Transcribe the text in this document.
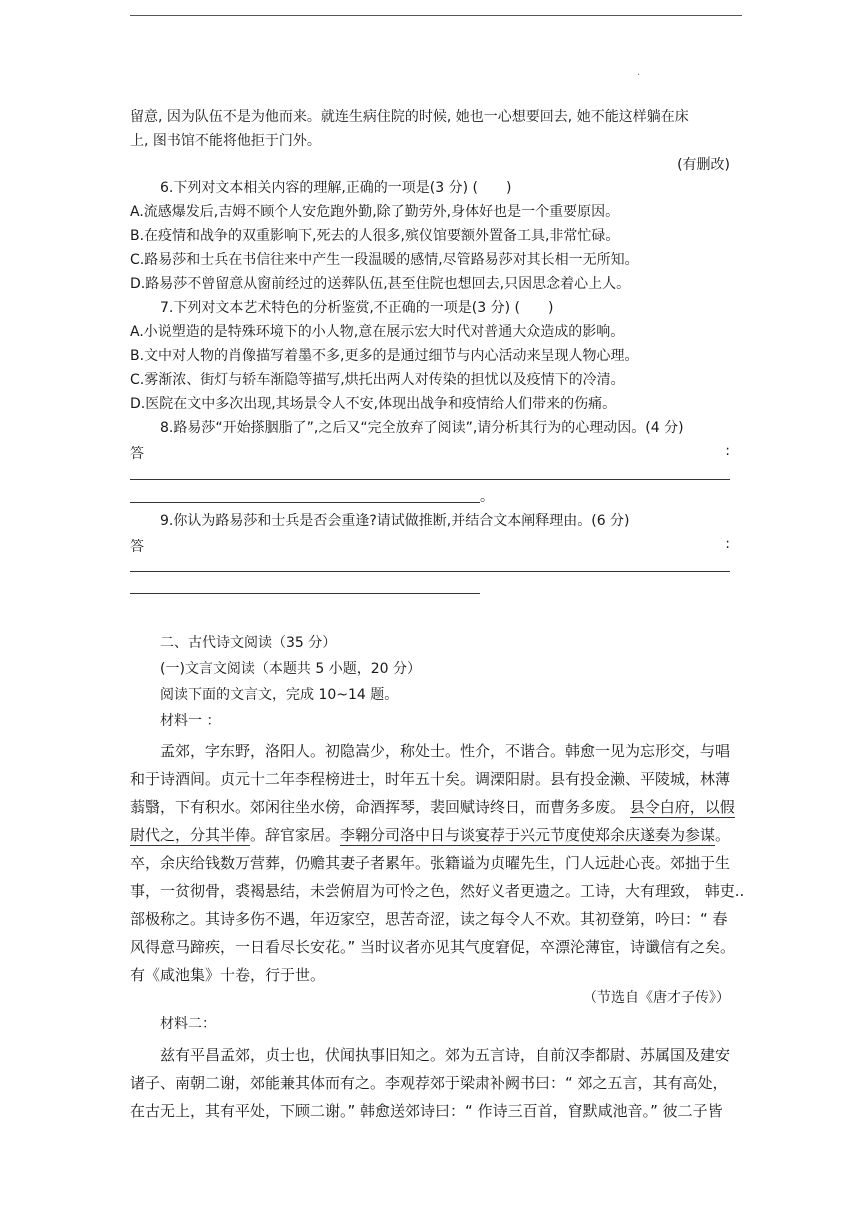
·

留意, 因为队伍不是为他而来。就连生病住院的时候, 她也一心想要回去, 她不能这样躺在床

上, 图书馆不能将他拒于门外。

(有删改)

6.下列对文本相关内容的理解,正确的一项是(3 分) (　　)

A.流感爆发后,吉姆不顾个人安危跑外勤,除了勤劳外,身体好也是一个重要原因。

B.在疫情和战争的双重影响下,死去的人很多,殡仪馆要额外置备工具,非常忙碌。

C.路易莎和士兵在书信往来中产生一段温暖的感情,尽管路易莎对其长相一无所知。

D.路易莎不曾留意从窗前经过的送葬队伍,甚至住院也想回去,只因思念着心上人。

7.下列对文本艺术特色的分析鉴赏,不正确的一项是(3 分) (　　)

A.小说塑造的是特殊环境下的小人物,意在展示宏大时代对普通大众造成的影响。

B.文中对人物的肖像描写着墨不多,更多的是通过细节与内心活动来呈现人物心理。

C.雾渐浓、街灯与轿车渐隐等描写,烘托出两人对传染的担忧以及疫情下的冷清。

D.医院在文中多次出现,其场景令人不安,体现出战争和疫情给人们带来的伤痛。

8.路易莎“开始搽胭脂了”,之后又“完全放弃了阅读”,请分析其行为的心理动因。(4 分)

答	:

。

9.你认为路易莎和士兵是否会重逢?请试做推断,并结合文本阐释理由。(6 分)

答	:

二、古代诗文阅读（35 分）

(一)文言文阅读（本题共 5 小题，20 分）

阅读下面的文言文，完成 10~14 题。

材料一 ：

孟郊，字东野，洛阳人。初隐嵩少，称处士。性介，不谐合。韩愈一见为忘形交，与唱

和于诗酒间。贞元十二年李程榜进士，时年五十矣。调溧阳尉。县有投金濑、平陵城，林薄

蓊翳，下有积水。郊闲往坐水傍，命酒挥琴，裴回赋诗终日，而曹务多废。 县令白府，以假

尉代之，分其半俸。辞官家居。李翱分司洛中日与谈宴荐于兴元节度使郑余庆遂奏为参谋。

卒，余庆给钱数万营葬，仍赡其妻子者累年。张籍谥为贞曜先生，门人远赴心丧。郊拙于生

事，一贫彻骨，裘褐悬结，未尝俯眉为可怜之色，然好义者更遗之。工诗，大有理致， 韩吏..

部极称之。其诗多伤不遇，年迈家空，思苦奇涩，读之每令人不欢。其初登第，吟曰：“ 春

风得意马蹄疾，一日看尽长安花。” 当时议者亦见其气度窘促，卒漂沦薄宦，诗谶信有之矣。

有《咸池集》十卷，行于世。

（节选自《唐才子传》）

材料二：

兹有平昌孟郊，贞士也，伏闻执事旧知之。郊为五言诗，自前汉李都尉、苏属国及建安

诸子、南朝二谢，郊能兼其体而有之。李观荐郊于梁肃补阙书曰：“ 郊之五言，其有高处，

在古无上，其有平处，下顾二谢。” 韩愈送郊诗曰：“ 作诗三百首，窅默咸池音。” 彼二子皆
